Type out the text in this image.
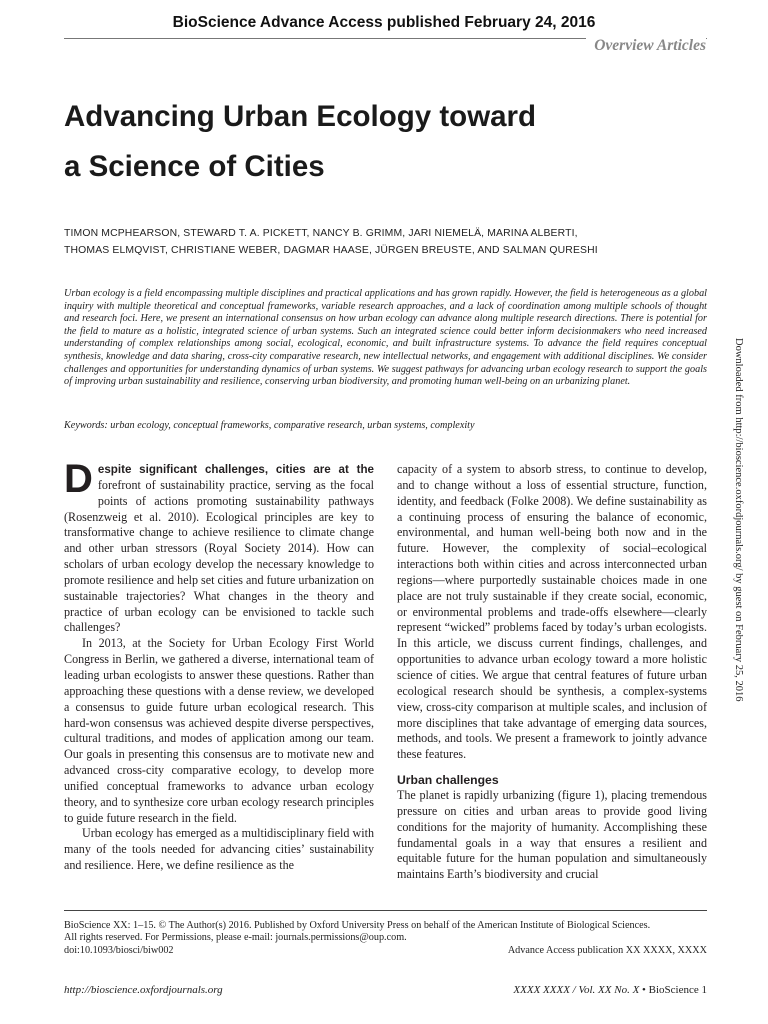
BioScience Advance Access published February 24, 2016
Overview Articles
Advancing Urban Ecology toward
a Science of Cities
TIMON MCPHEARSON, STEWARD T. A. PICKETT, NANCY B. GRIMM, JARI NIEMELÄ, MARINA ALBERTI,
THOMAS ELMQVIST, CHRISTIANE WEBER, DAGMAR HAASE, JÜRGEN BREUSTE, AND SALMAN QURESHI

Urban ecology is a field encompassing multiple disciplines and practical applications and has grown rapidly. However, the field is heterogeneous as a global inquiry with multiple theoretical and conceptual frameworks, variable research approaches, and a lack of coordination among multiple schools of thought and research foci. Here, we present an international consensus on how urban ecology can advance along multiple research directions. There is potential for the field to mature as a holistic, integrated science of urban systems. Such an integrated science could better inform decisionmakers who need increased understanding of complex relationships among social, ecological, economic, and built infrastructure systems. To advance the field requires conceptual synthesis, knowledge and data sharing, cross-city comparative research, new intellectual networks, and engagement with additional disciplines. We consider challenges and opportunities for understanding dynamics of urban systems. We suggest pathways for advancing urban ecology research to support the goals of improving urban sustainability and resilience, conserving urban biodiversity, and promoting human well-being on an urbanizing planet.

Keywords: urban ecology, conceptual frameworks, comparative research, urban systems, complexity

Despite significant challenges, cities are at the forefront of sustainability practice, serving as the focal points of actions promoting sustainability pathways (Rosenzweig et al. 2010). Ecological principles are key to transformative change to achieve resilience to climate change and other urban stressors (Royal Society 2014). How can scholars of urban ecology develop the necessary knowledge to promote resilience and help set cities and future urbanization on sustainable trajectories? What changes in the theory and practice of urban ecology can be envisioned to tackle such challenges?

In 2013, at the Society for Urban Ecology First World Congress in Berlin, we gathered a diverse, international team of leading urban ecologists to answer these questions. Rather than approaching these questions with a dense review, we developed a consensus to guide future urban ecological research. This hard-won consensus was achieved despite diverse perspectives, cultural traditions, and modes of application among our team. Our goals in presenting this consensus are to motivate new and advanced cross-city comparative ecology, to develop more unified conceptual frameworks to advance urban ecology theory, and to synthesize core urban ecology research principles to guide future research in the field.

Urban ecology has emerged as a multidisciplinary field with many of the tools needed for advancing cities’ sustainability and resilience. Here, we define resilience as the

capacity of a system to absorb stress, to continue to develop, and to change without a loss of essential structure, function, identity, and feedback (Folke 2008). We define sustainability as a continuing process of ensuring the balance of economic, environmental, and human well-being both now and in the future. However, the complexity of social–ecological interactions both within cities and across interconnected urban regions—where purportedly sustainable choices made in one place are not truly sustainable if they create social, economic, or environmental problems and trade-offs elsewhere—clearly represent “wicked” problems faced by today’s urban ecologists. In this article, we discuss current findings, challenges, and opportunities to advance urban ecology toward a more holistic science of cities. We argue that central features of future urban ecological research should be synthesis, a complex-systems view, cross-city comparison at multiple scales, and inclusion of more disciplines that take advantage of emerging data sources, methods, and tools. We present a framework to jointly advance these features.

Urban challenges

The planet is rapidly urbanizing (figure 1), placing tremendous pressure on cities and urban areas to provide good living conditions for the majority of humanity. Accomplishing these fundamental goals in a way that ensures a resilient and equitable future for the human population and simultaneously maintains Earth’s biodiversity and crucial

Downloaded from http://bioscience.oxfordjournals.org/ by guest on February 25, 2016
BioScience XX: 1–15. © The Author(s) 2016. Published by Oxford University Press on behalf of the American Institute of Biological Sciences.
All rights reserved. For Permissions, please e-mail: journals.permissions@oup.com.
doi:10.1093/biosci/biw002	Advance Access publication XX XXXX, XXXX
http://bioscience.oxfordjournals.org	XXXX XXXX / Vol. XX No. X • BioScience 1
